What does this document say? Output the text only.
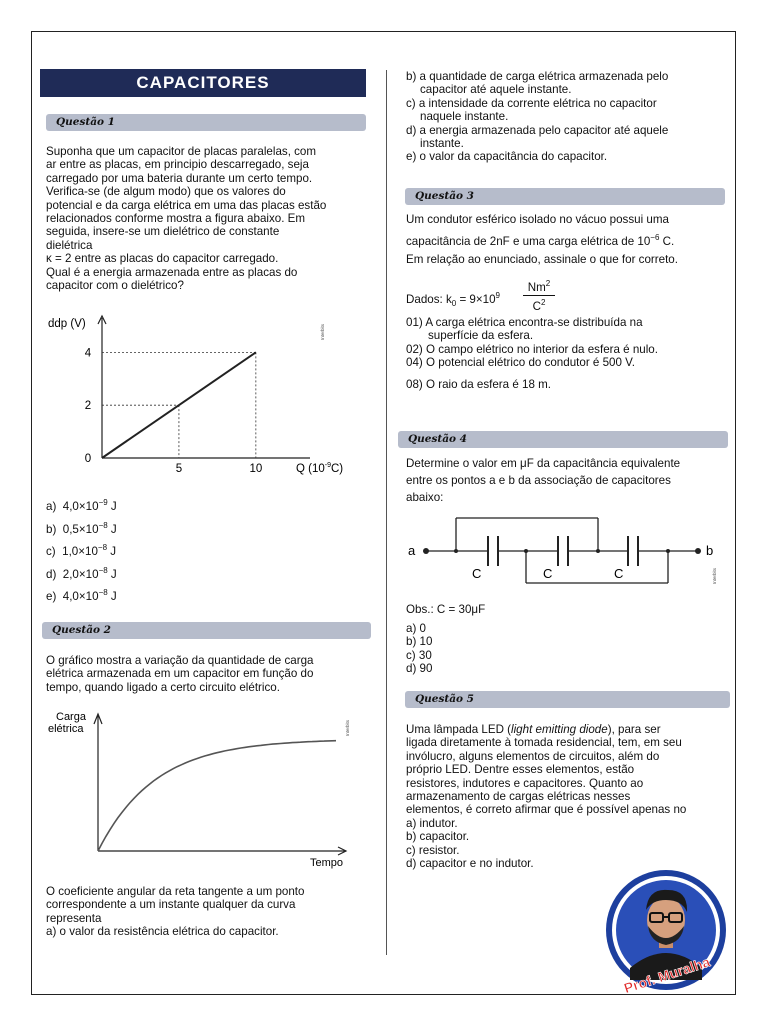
CAPACITORES
Questão 1

Suponha que um capacitor de placas paralelas, com

ar entre as placas, em principio descarregado, seja

carregado por uma bateria durante um certo tempo.

Verifica-se (de algum modo) que os valores do

potencial e da carga elétrica em uma das placas estão

relacionados conforme mostra a figura abaixo. Em

seguida, insere-se um dielétrico de constante

dielétrica

κ = 2 entre as placas do capacitor carregado.

Qual é a energia armazenada entre as placas do

capacitor com o dielétrico?

ddp (V)
2
4
0
5	10	Q $(10^{-9}C)$
Interbits
a) $4,0\times 10^{-9}$ J
b) $0,5\times 10^{-8}$ J
c) $1,0\times 10^{-8}$ J
d) $2,0\times 10^{-8}$ J
e) $4,0\times 10^{-8}$ J
Questão 2

O gráfico mostra a variação da quantidade de carga

elétrica armazenada em um capacitor em função do

tempo, quando ligado a certo circuito elétrico.

Carga
elétrica
Tempo
Interbits

O coeficiente angular da reta tangente a um ponto

correspondente a um instante qualquer da curva

representa

a) o valor da resistência elétrica do capacitor.

b) a quantidade de carga elétrica armazenada pelo

capacitor até aquele instante.

c) a intensidade da corrente elétrica no capacitor

naquele instante.

d) a energia armazenada pelo capacitor até aquele

instante.

e) o valor da capacitância do capacitor.

Questão 3

Um condutor esférico isolado no vácuo possui uma

capacitância de 2nF e uma carga elétrica de $10^{-6}$ C.

Em relação ao enunciado, assinale o que for correto.

Dados: $k_0 = 9\times 10^9$
Nm$^2$
$C^2$

01) A carga elétrica encontra-se distribuída na

superfície da esfera.

02) O campo elétrico no interior da esfera é nulo.

04) O potencial elétrico do condutor é 500 V.

08) O raio da esfera é 18 m.

Questão 4

Determine o valor em μF da capacitância equivalente

entre os pontos a e b da associação de capacitores

abaixo:

a	b
C	C	C	Interbits
Obs.: C = 30μF

a) 0

b) 10

c) 30

d) 90

Questão 5

Uma lâmpada LED (light emitting diode), para ser

ligada diretamente à tomada residencial, tem, em seu

invólucro, alguns elementos de circuitos, além do

próprio LED. Dentre esses elementos, estão

resistores, indutores e capacitores. Quanto ao

armazenamento de cargas elétricas nesses

elementos, é correto afirmar que é possível apenas no

a) indutor.

b) capacitor.

c) resistor.

d) capacitor e no indutor.

Prof. Muralha
